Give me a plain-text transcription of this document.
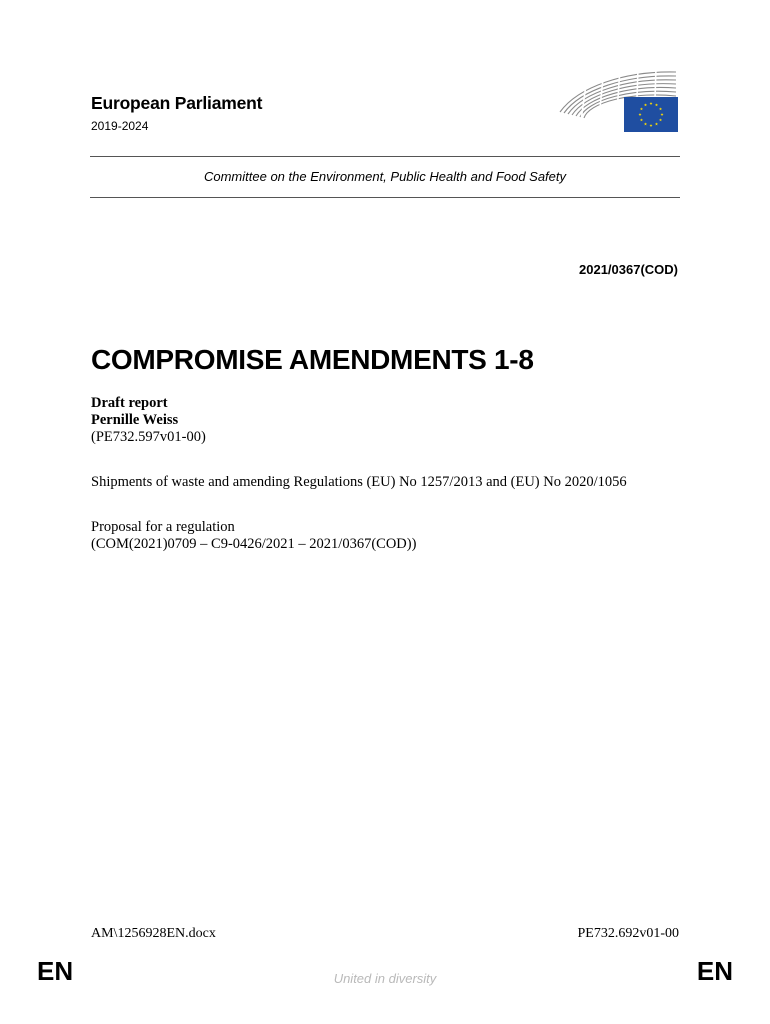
European Parliament
2019-2024
Committee on the Environment, Public Health and Food Safety
2021/0367(COD)
COMPROMISE AMENDMENTS 1-8
Draft report
Pernille Weiss
(PE732.597v01-00)
Shipments of waste and amending Regulations (EU) No 1257/2013 and (EU) No 2020/1056
Proposal for a regulation
(COM(2021)0709 – C9-0426/2021 – 2021/0367(COD))
AM\1256928EN.docx	PE732.692v01-00
EN	United in diversity	EN
